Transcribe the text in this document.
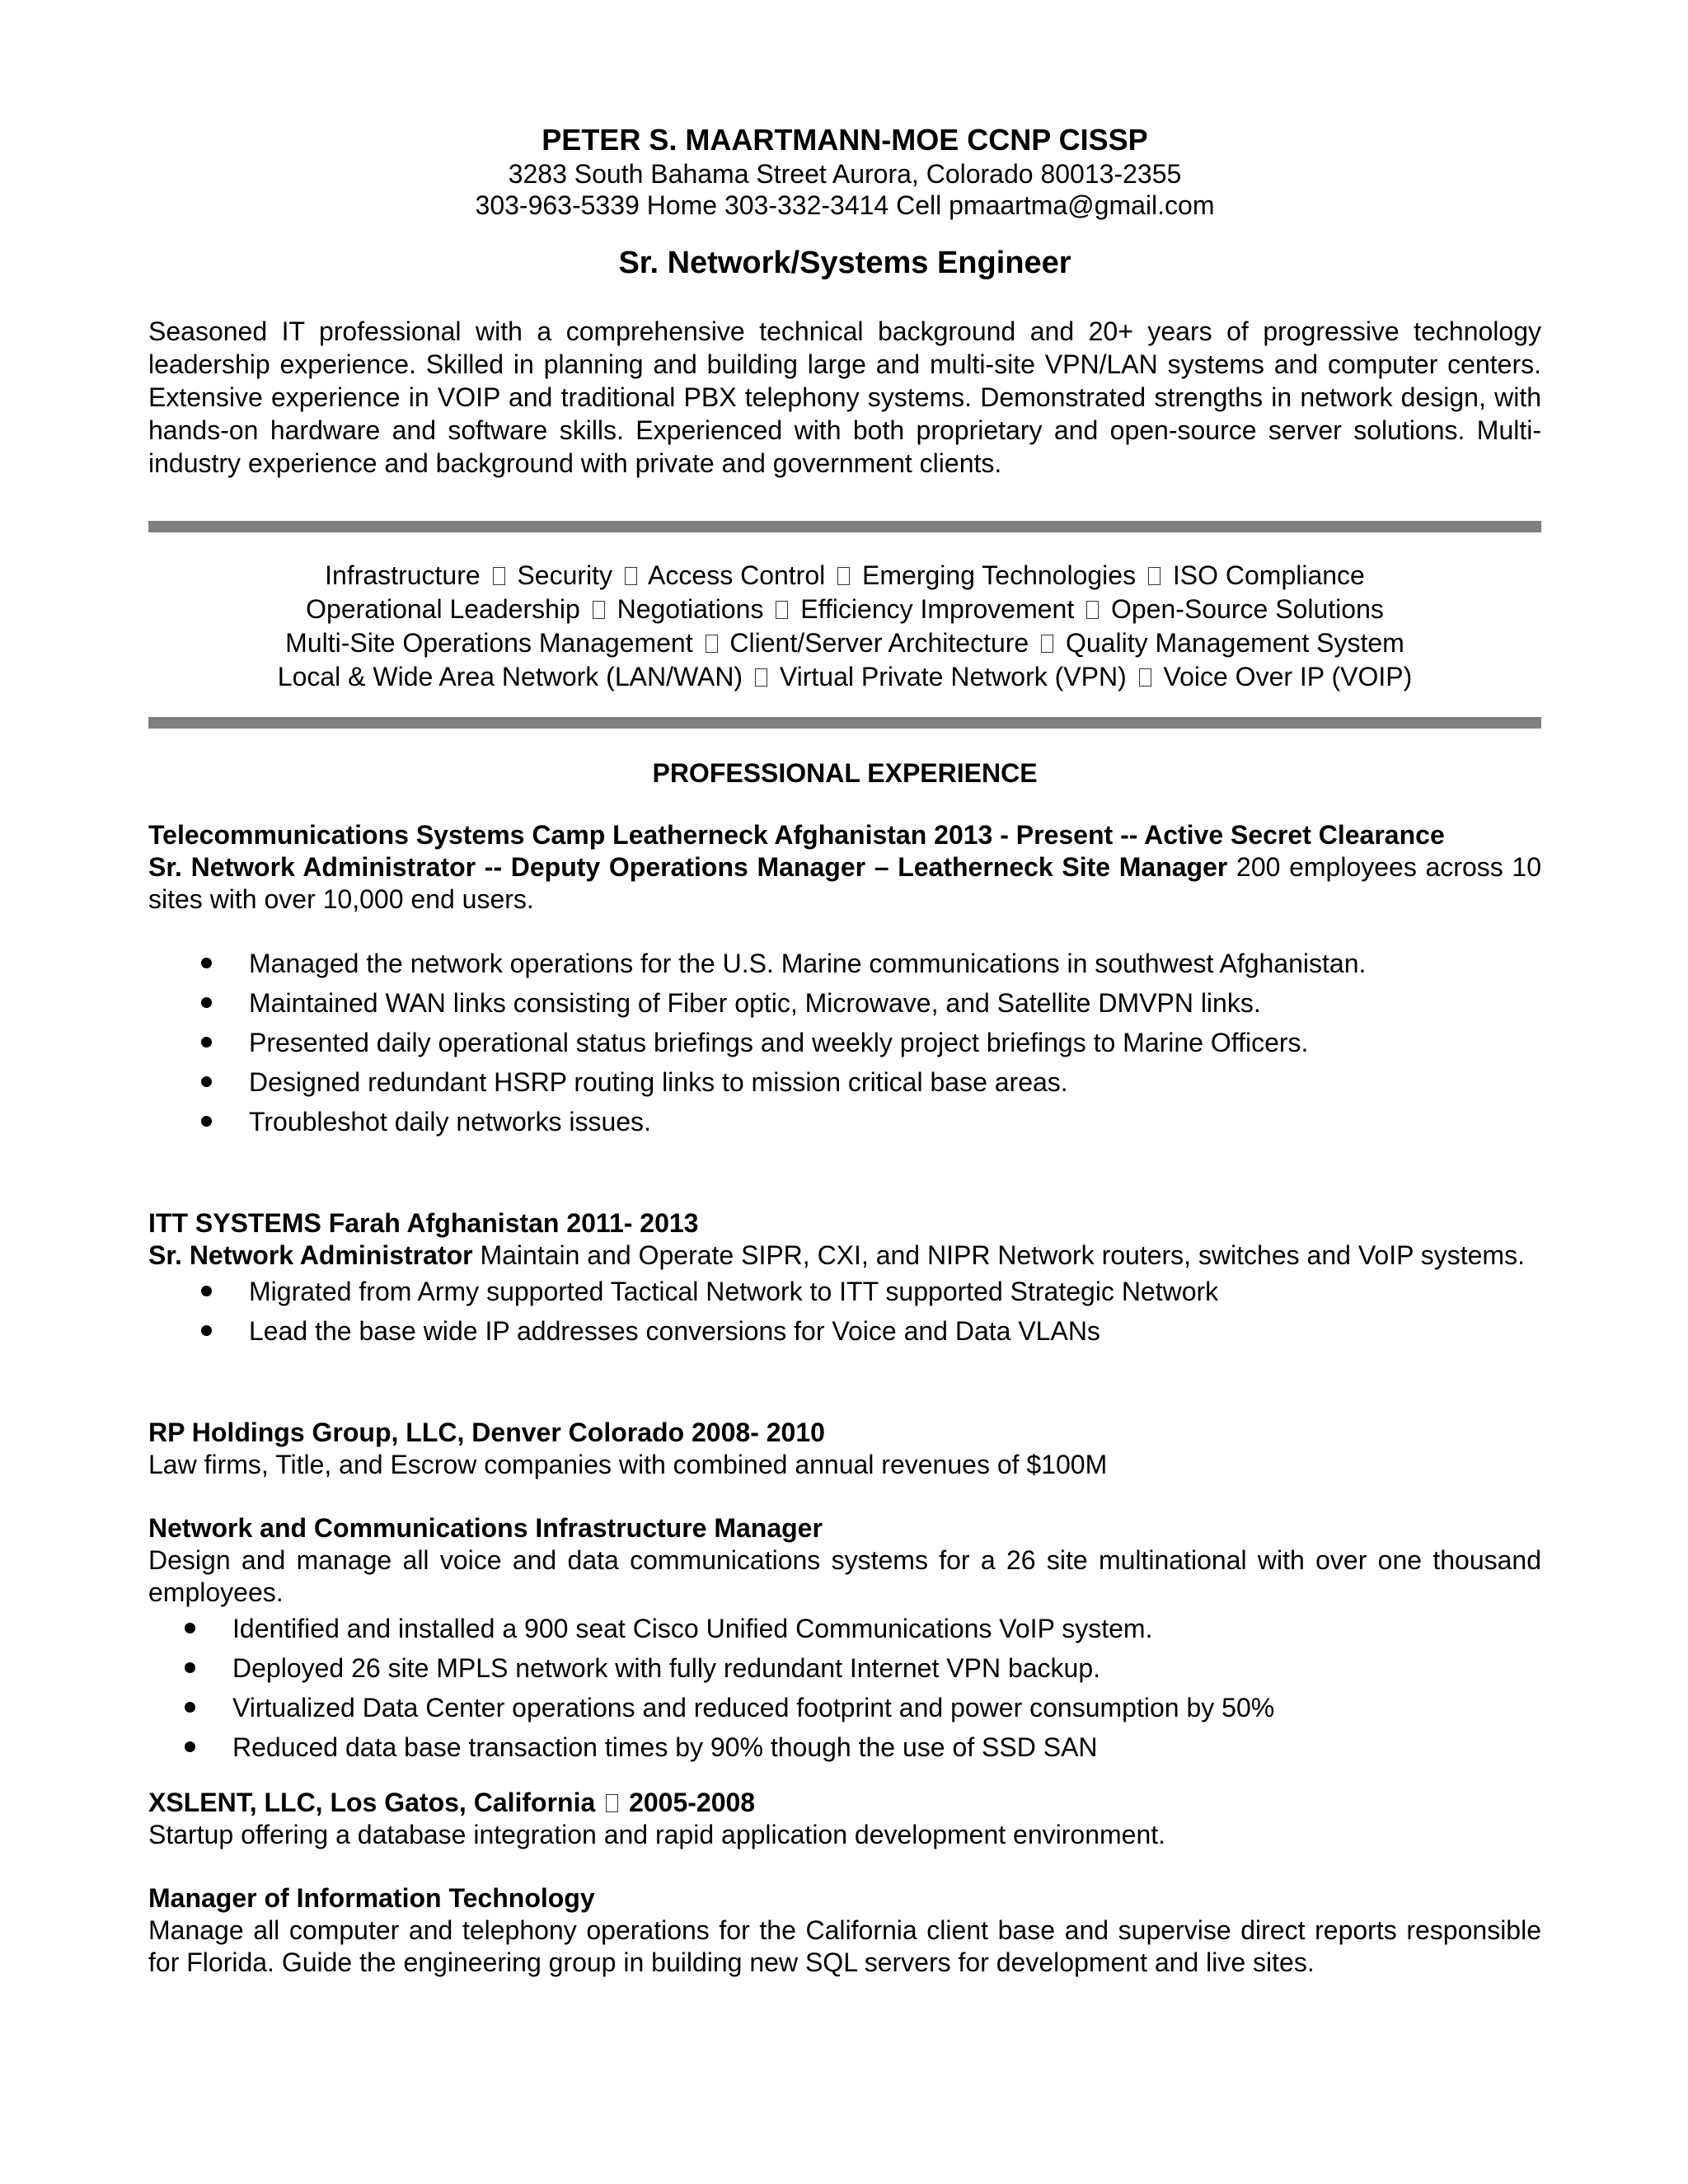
PETER S. MAARTMANN-MOE CCNP CISSP
3283 South Bahama Street Aurora, Colorado 80013-2355
303-963-5339 Home 303-332-3414 Cell pmaartma@gmail.com
Sr. Network/Systems Engineer
Seasoned IT professional with a comprehensive technical background and 20+ years of progressive technology leadership experience. Skilled in planning and building large and multi-site VPN/LAN systems and computer centers. Extensive experience in VOIP and traditional PBX telephony systems. Demonstrated strengths in network design, with hands-on hardware and software skills. Experienced with both proprietary and open-source server solutions. Multi-industry experience and background with private and government clients.
Infrastructure Security Access Control Emerging Technologies ISO Compliance
Operational Leadership Negotiations Efficiency Improvement Open-Source Solutions
Multi-Site Operations Management Client/Server Architecture Quality Management System
Local & Wide Area Network (LAN/WAN) Virtual Private Network (VPN) Voice Over IP (VOIP)
PROFESSIONAL EXPERIENCE
Telecommunications Systems Camp Leatherneck Afghanistan 2013 - Present -- Active Secret Clearance
Sr. Network Administrator -- Deputy Operations Manager – Leatherneck Site Manager 200 employees across 10 sites with over 10,000 end users.
Managed the network operations for the U.S. Marine communications in southwest Afghanistan.
Maintained WAN links consisting of Fiber optic, Microwave, and Satellite DMVPN links.
Presented daily operational status briefings and weekly project briefings to Marine Officers.
Designed redundant HSRP routing links to mission critical base areas.
Troubleshot daily networks issues.
ITT SYSTEMS Farah Afghanistan 2011- 2013
Sr. Network Administrator Maintain and Operate SIPR, CXI, and NIPR Network routers, switches and VoIP systems.
Migrated from Army supported Tactical Network to ITT supported Strategic Network
Lead the base wide IP addresses conversions for Voice and Data VLANs
RP Holdings Group, LLC, Denver Colorado 2008- 2010
Law firms, Title, and Escrow companies with combined annual revenues of $100M
Network and Communications Infrastructure Manager
Design and manage all voice and data communications systems for a 26 site multinational with over one thousand employees.
Identified and installed a 900 seat Cisco Unified Communications VoIP system.
Deployed 26 site MPLS network with fully redundant Internet VPN backup.
Virtualized Data Center operations and reduced footprint and power consumption by 50%
Reduced data base transaction times by 90% though the use of SSD SAN
XSLENT, LLC, Los Gatos, California 2005-2008
Startup offering a database integration and rapid application development environment.
Manager of Information Technology
Manage all computer and telephony operations for the California client base and supervise direct reports responsible for Florida. Guide the engineering group in building new SQL servers for development and live sites.
